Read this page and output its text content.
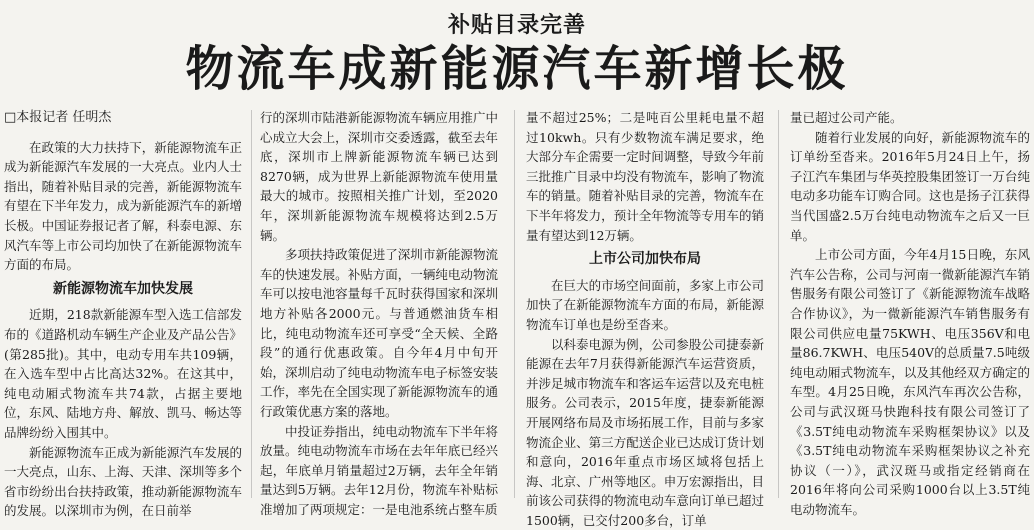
补贴目录完善
物流车成新能源汽车新增长极
□本报记者 任明杰

在政策的大力扶持下，新能源物流车正成为新能源汽车发展的一大亮点。业内人士指出，随着补贴目录的完善，新能源物流车有望在下半年发力，成为新能源汽车的新增长极。中国证券报记者了解，科泰电源、东风汽车等上市公司均加快了在新能源物流车方面的布局。

新能源物流车加快发展

近期，218款新能源车型入选工信部发布的《道路机动车辆生产企业及产品公告》(第285批)。其中，电动专用车共109辆，在入选车型中占比高达32%。在这其中，纯电动厢式物流车共74款，占据主要地位，东风、陆地方舟、解放、凯马、畅达等品牌纷纷入围其中。

新能源物流车正成为新能源汽车发展的一大亮点，山东、上海、天津、深圳等多个省市纷纷出台扶持政策，推动新能源物流车的发展。以深圳市为例，在日前举

行的深圳市陆港新能源物流车辆应用推广中心成立大会上，深圳市交委透露，截至去年底，深圳市上牌新能源物流车辆已达到8270辆，成为世界上新能源物流车使用量最大的城市。按照相关推广计划，至2020年，深圳新能源物流车规模将达到2.5万辆。

多项扶持政策促进了深圳市新能源物流车的快速发展。补贴方面，一辆纯电动物流车可以按电池容量每千瓦时获得国家和深圳地方补贴各2000元。与普通燃油货车相比，纯电动物流车还可享受“全天候、全路段”的通行优惠政策。自今年4月中旬开始，深圳启动了纯电动物流车电子标签安装工作，率先在全国实现了新能源物流车的通行政策优惠方案的落地。

中投证券指出，纯电动物流车下半年将放量。纯电动物流车市场在去年年底已经兴起，年底单月销量超过2万辆，去年全年销量达到5万辆。去年12月份，物流车补贴标准增加了两项规定：一是电池系统占整车质

量不超过25%；二是吨百公里耗电量不超过10kwh。只有少数物流车满足要求，绝大部分车企需要一定时间调整，导致今年前三批推广目录中均没有物流车，影响了物流车的销量。随着补贴目录的完善，物流车在下半年将发力，预计全年物流等专用车的销量有望达到12万辆。

上市公司加快布局

在巨大的市场空间面前，多家上市公司加快了在新能源物流车方面的布局，新能源物流车订单也是纷至沓来。

以科泰电源为例，公司参股公司捷泰新能源在去年7月获得新能源汽车运营资质，并涉足城市物流车和客运车运营以及充电桩服务。公司表示，2015年度，捷泰新能源开展网络布局及市场拓展工作，目前与多家物流企业、第三方配送企业已达成订货计划和意向，2016年重点市场区域将包括上海、北京、广州等地区。申万宏源指出，目前该公司获得的物流电动车意向订单已超过1500辆，已交付200多台，订单

量已超过公司产能。

随着行业发展的向好，新能源物流车的订单纷至沓来。2016年5月24日上午，扬子江汽车集团与华英控股集团签订一万台纯电动多功能车订购合同。这也是扬子江获得当代国盛2.5万台纯电动物流车之后又一巨单。

上市公司方面，今年4月15日晚，东风汽车公告称，公司与河南一微新能源汽车销售服务有限公司签订了《新能源物流车战略合作协议》，为一微新能源汽车销售服务有限公司供应电量75KWH、电压356V和电量86.7KWH、电压540V的总质量7.5吨级纯电动厢式物流车，以及其他经双方确定的车型。4月25日晚，东风汽车再次公告称，公司与武汉斑马快跑科技有限公司签订了《3.5T纯电动物流车采购框架协议》以及《3.5T纯电动物流车采购框架协议之补充协议（一）》，武汉斑马或指定经销商在2016年将向公司采购1000台以上3.5T纯电动物流车。
